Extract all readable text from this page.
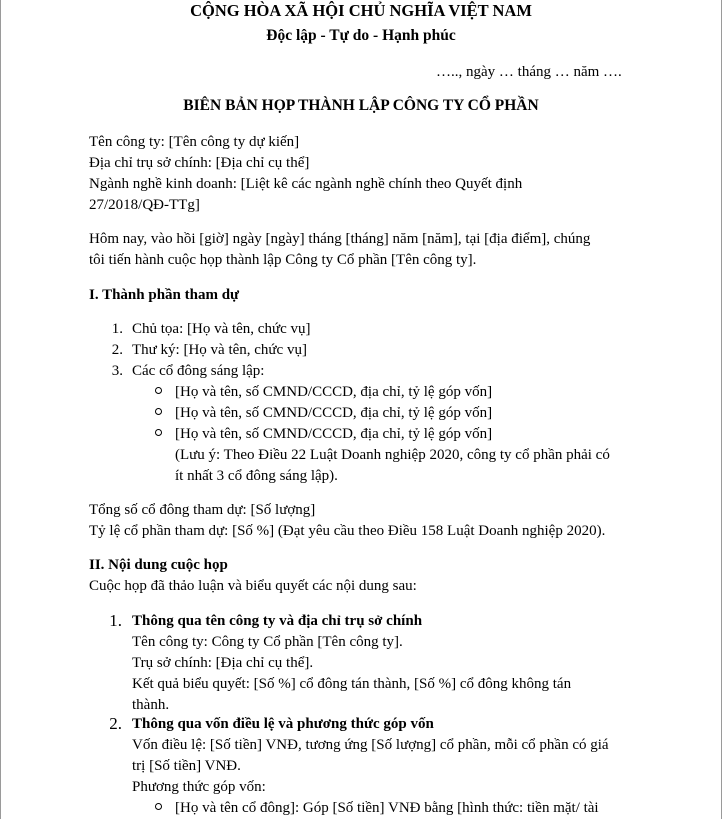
CỘNG HÒA XÃ HỘI CHỦ NGHĨA VIỆT NAM
Độc lập - Tự do - Hạnh phúc
….., ngày … tháng … năm ….
BIÊN BẢN HỌP THÀNH LẬP CÔNG TY CỔ PHẦN
Tên công ty: [Tên công ty dự kiến]
Địa chỉ trụ sở chính: [Địa chỉ cụ thể]
Ngành nghề kinh doanh: [Liệt kê các ngành nghề chính theo Quyết định
27/2018/QĐ-TTg]
Hôm nay, vào hồi [giờ] ngày [ngày] tháng [tháng] năm [năm], tại [địa điểm], chúng
tôi tiến hành cuộc họp thành lập Công ty Cổ phần [Tên công ty].
I. Thành phần tham dự
1. Chủ tọa: [Họ và tên, chức vụ]
2. Thư ký: [Họ và tên, chức vụ]
3. Các cổ đông sáng lập:
[Họ và tên, số CMND/CCCD, địa chỉ, tỷ lệ góp vốn]
[Họ và tên, số CMND/CCCD, địa chỉ, tỷ lệ góp vốn]
[Họ và tên, số CMND/CCCD, địa chỉ, tỷ lệ góp vốn]
(Lưu ý: Theo Điều 22 Luật Doanh nghiệp 2020, công ty cổ phần phải có
ít nhất 3 cổ đông sáng lập).
Tổng số cổ đông tham dự: [Số lượng]
Tỷ lệ cổ phần tham dự: [Số %] (Đạt yêu cầu theo Điều 158 Luật Doanh nghiệp 2020).
II. Nội dung cuộc họp
Cuộc họp đã thảo luận và biểu quyết các nội dung sau:
1. Thông qua tên công ty và địa chỉ trụ sở chính
Tên công ty: Công ty Cổ phần [Tên công ty].
Trụ sở chính: [Địa chỉ cụ thể].
Kết quả biểu quyết: [Số %] cổ đông tán thành, [Số %] cổ đông không tán
thành.
2. Thông qua vốn điều lệ và phương thức góp vốn
Vốn điều lệ: [Số tiền] VNĐ, tương ứng [Số lượng] cổ phần, mỗi cổ phần có giá
trị [Số tiền] VNĐ.
Phương thức góp vốn:
[Họ và tên cổ đông]: Góp [Số tiền] VNĐ bằng [hình thức: tiền mặt/ tài
